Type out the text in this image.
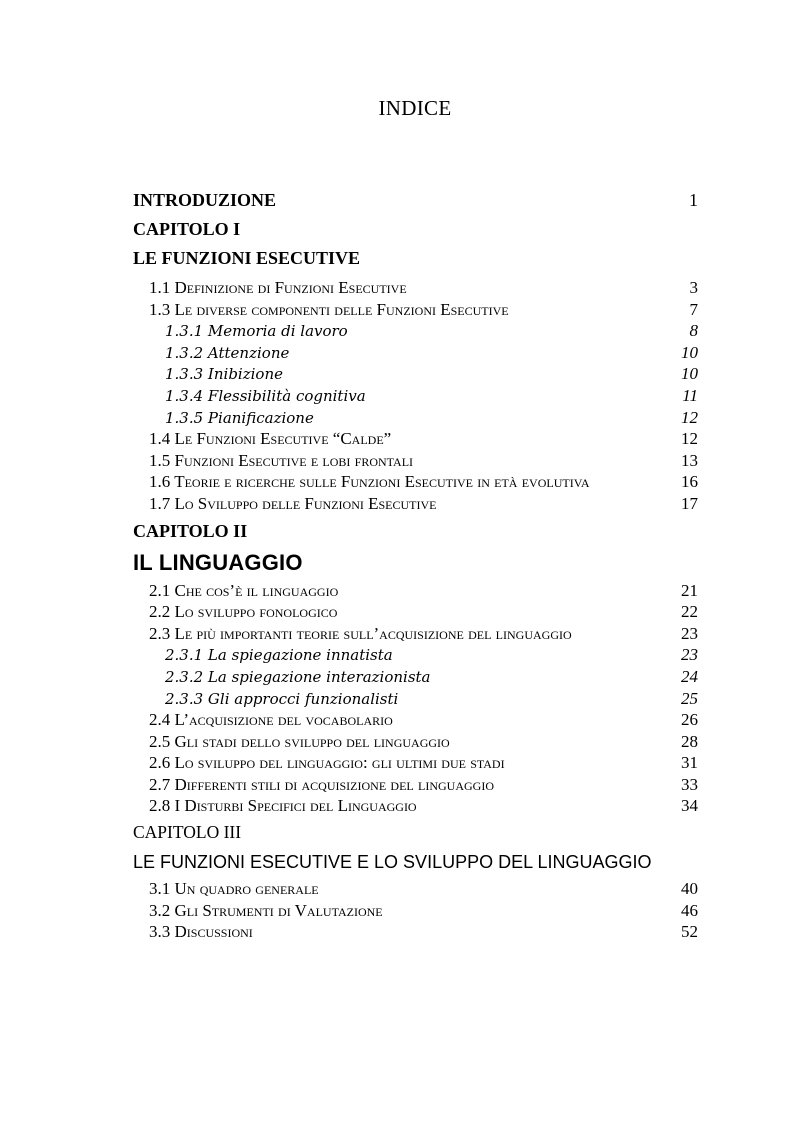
INDICE
INTRODUZIONE	1
CAPITOLO I
LE FUNZIONI ESECUTIVE
1.1 Definizione di Funzioni Esecutive	3
1.3 Le diverse componenti delle Funzioni Esecutive	7
1.3.1 Memoria di lavoro	8
1.3.2 Attenzione	10
1.3.3 Inibizione	10
1.3.4 Flessibilità cognitiva	11
1.3.5 Pianificazione	12
1.4 Le Funzioni Esecutive “Calde”	12
1.5 Funzioni Esecutive e lobi frontali	13
1.6 Teorie e ricerche sulle Funzioni Esecutive in età evolutiva	16
1.7 Lo Sviluppo delle Funzioni Esecutive	17
CAPITOLO II
IL LINGUAGGIO
2.1 Che cos’è il linguaggio	21
2.2 Lo sviluppo fonologico	22
2.3 Le più importanti teorie sull’acquisizione del linguaggio	23
2.3.1 La spiegazione innatista	23
2.3.2 La spiegazione interazionista	24
2.3.3 Gli approcci funzionalisti	25
2.4 L’acquisizione del vocabolario	26
2.5 Gli stadi dello sviluppo del linguaggio	28
2.6 Lo sviluppo del linguaggio: gli ultimi due stadi	31
2.7 Differenti stili di acquisizione del linguaggio	33
2.8 I Disturbi Specifici del Linguaggio	34
CAPITOLO III
LE FUNZIONI ESECUTIVE E LO SVILUPPO DEL LINGUAGGIO
3.1 Un quadro generale	40
3.2 Gli Strumenti di Valutazione	46
3.3 Discussioni	52
